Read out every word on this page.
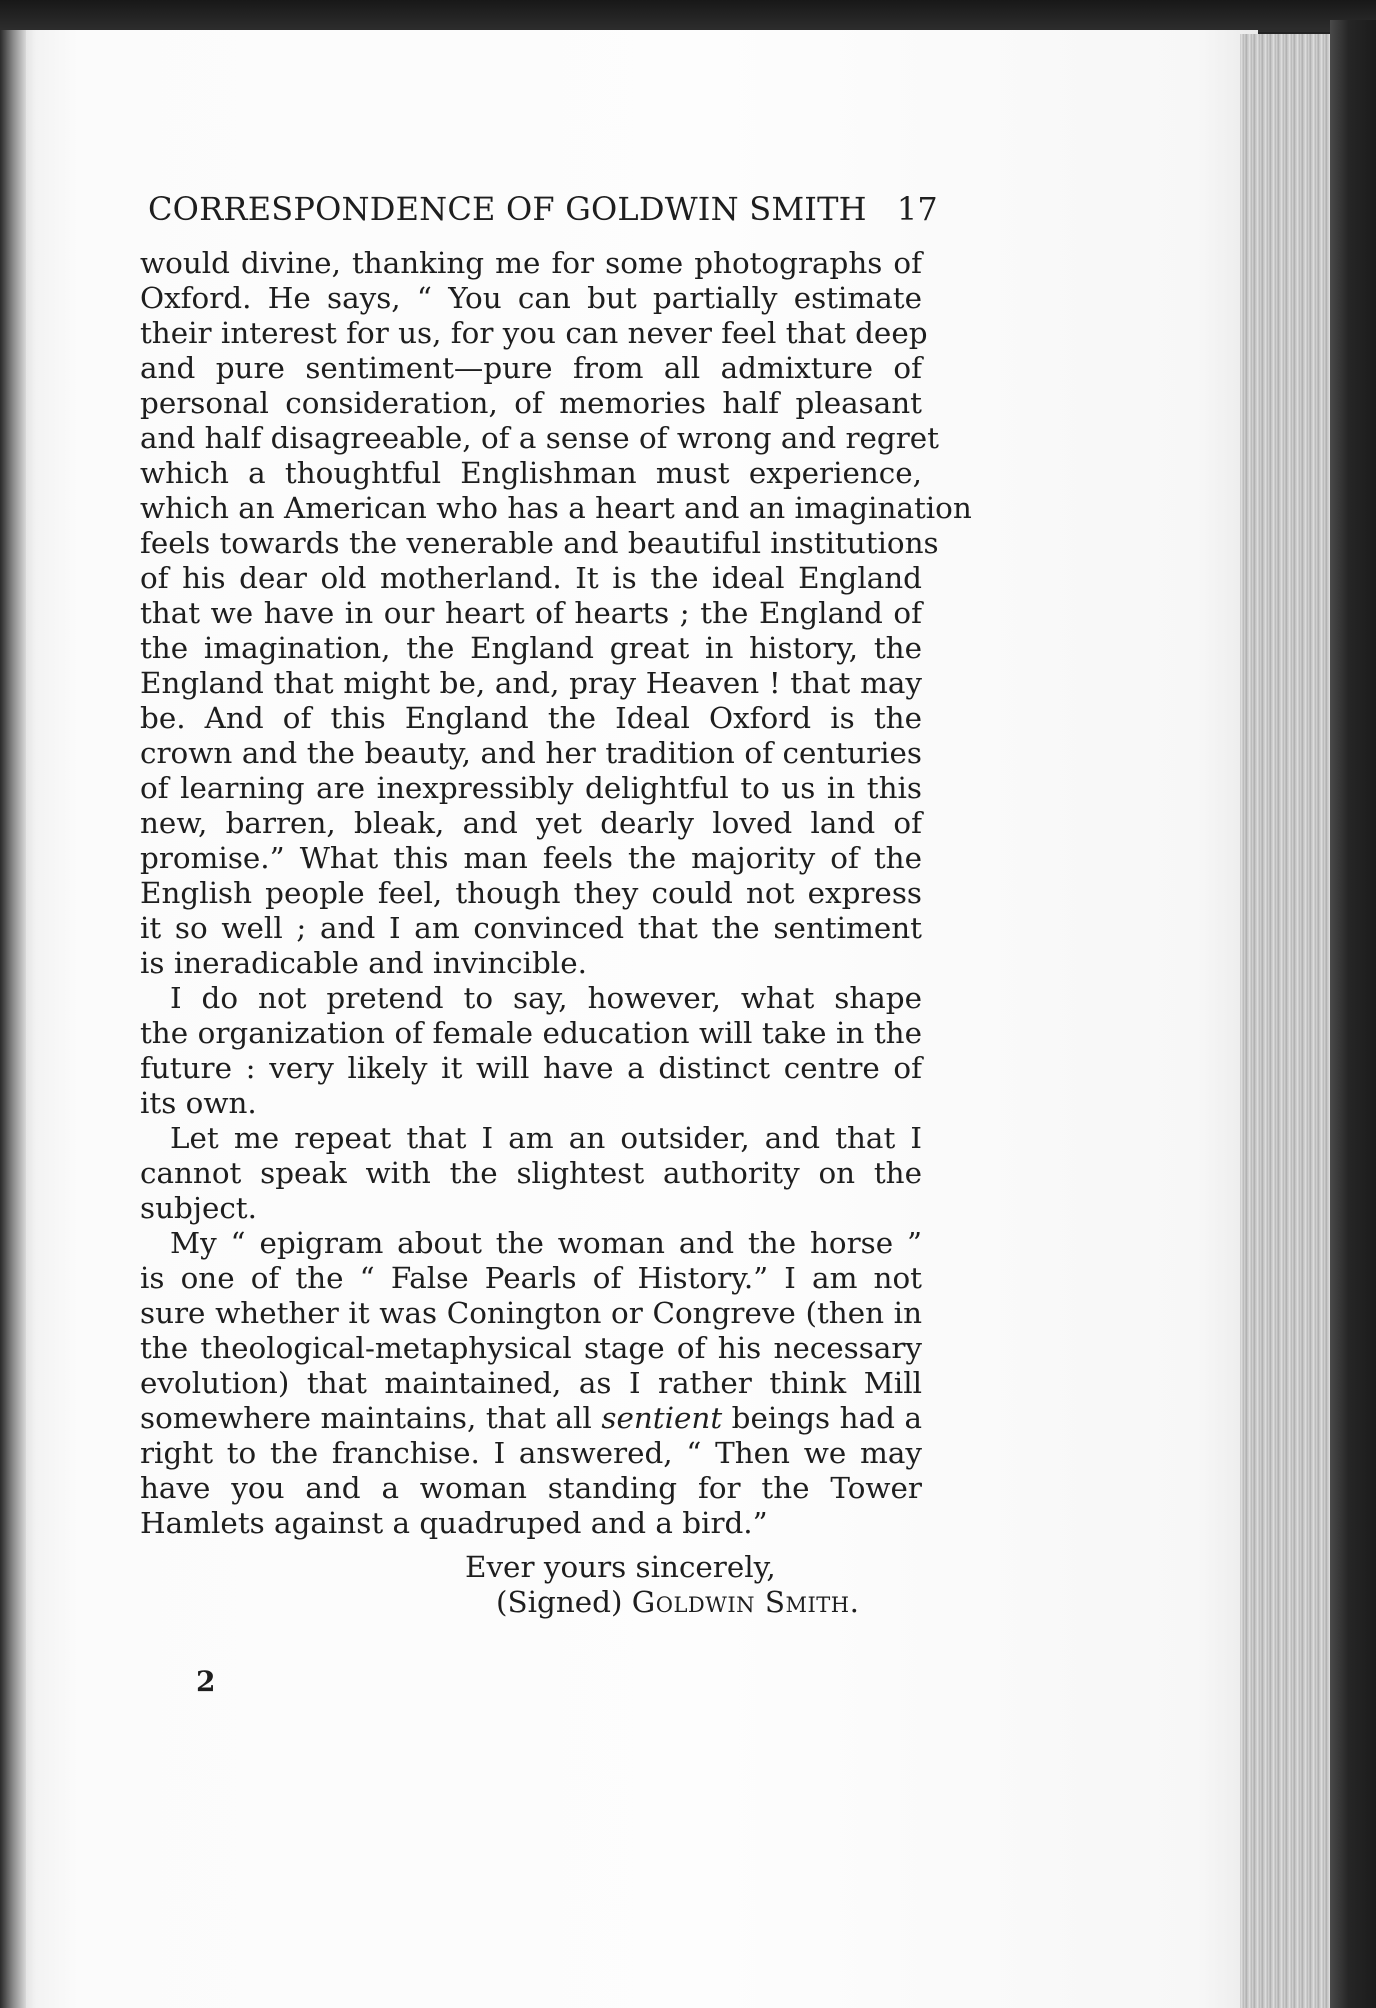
CORRESPONDENCE OF GOLDWIN SMITH 17
would divine, thanking me for some photographs of
Oxford. He says, “ You can but partially estimate
their interest for us, for you can never feel that deep
and pure sentiment—pure from all admixture of
personal consideration, of memories half pleasant
and half disagreeable, of a sense of wrong and regret
which a thoughtful Englishman must experience,
which an American who has a heart and an imagination
feels towards the venerable and beautiful institutions
of his dear old motherland. It is the ideal England
that we have in our heart of hearts ; the England of
the imagination, the England great in history, the
England that might be, and, pray Heaven ! that may
be. And of this England the Ideal Oxford is the
crown and the beauty, and her tradition of centuries
of learning are inexpressibly delightful to us in this
new, barren, bleak, and yet dearly loved land of
promise.” What this man feels the majority of the
English people feel, though they could not express
it so well ; and I am convinced that the sentiment
is ineradicable and invincible.
I do not pretend to say, however, what shape
the organization of female education will take in the
future : very likely it will have a distinct centre of
its own.
Let me repeat that I am an outsider, and that I
cannot speak with the slightest authority on the
subject.
My “ epigram about the woman and the horse ”
is one of the “ False Pearls of History.” I am not
sure whether it was Conington or Congreve (then in
the theological-metaphysical stage of his necessary
evolution) that maintained, as I rather think Mill
somewhere maintains, that all sentient beings had a
right to the franchise. I answered, “ Then we may
have you and a woman standing for the Tower
Hamlets against a quadruped and a bird.”
Ever yours sincerely,
(Signed) Goldwin Smith.
2
